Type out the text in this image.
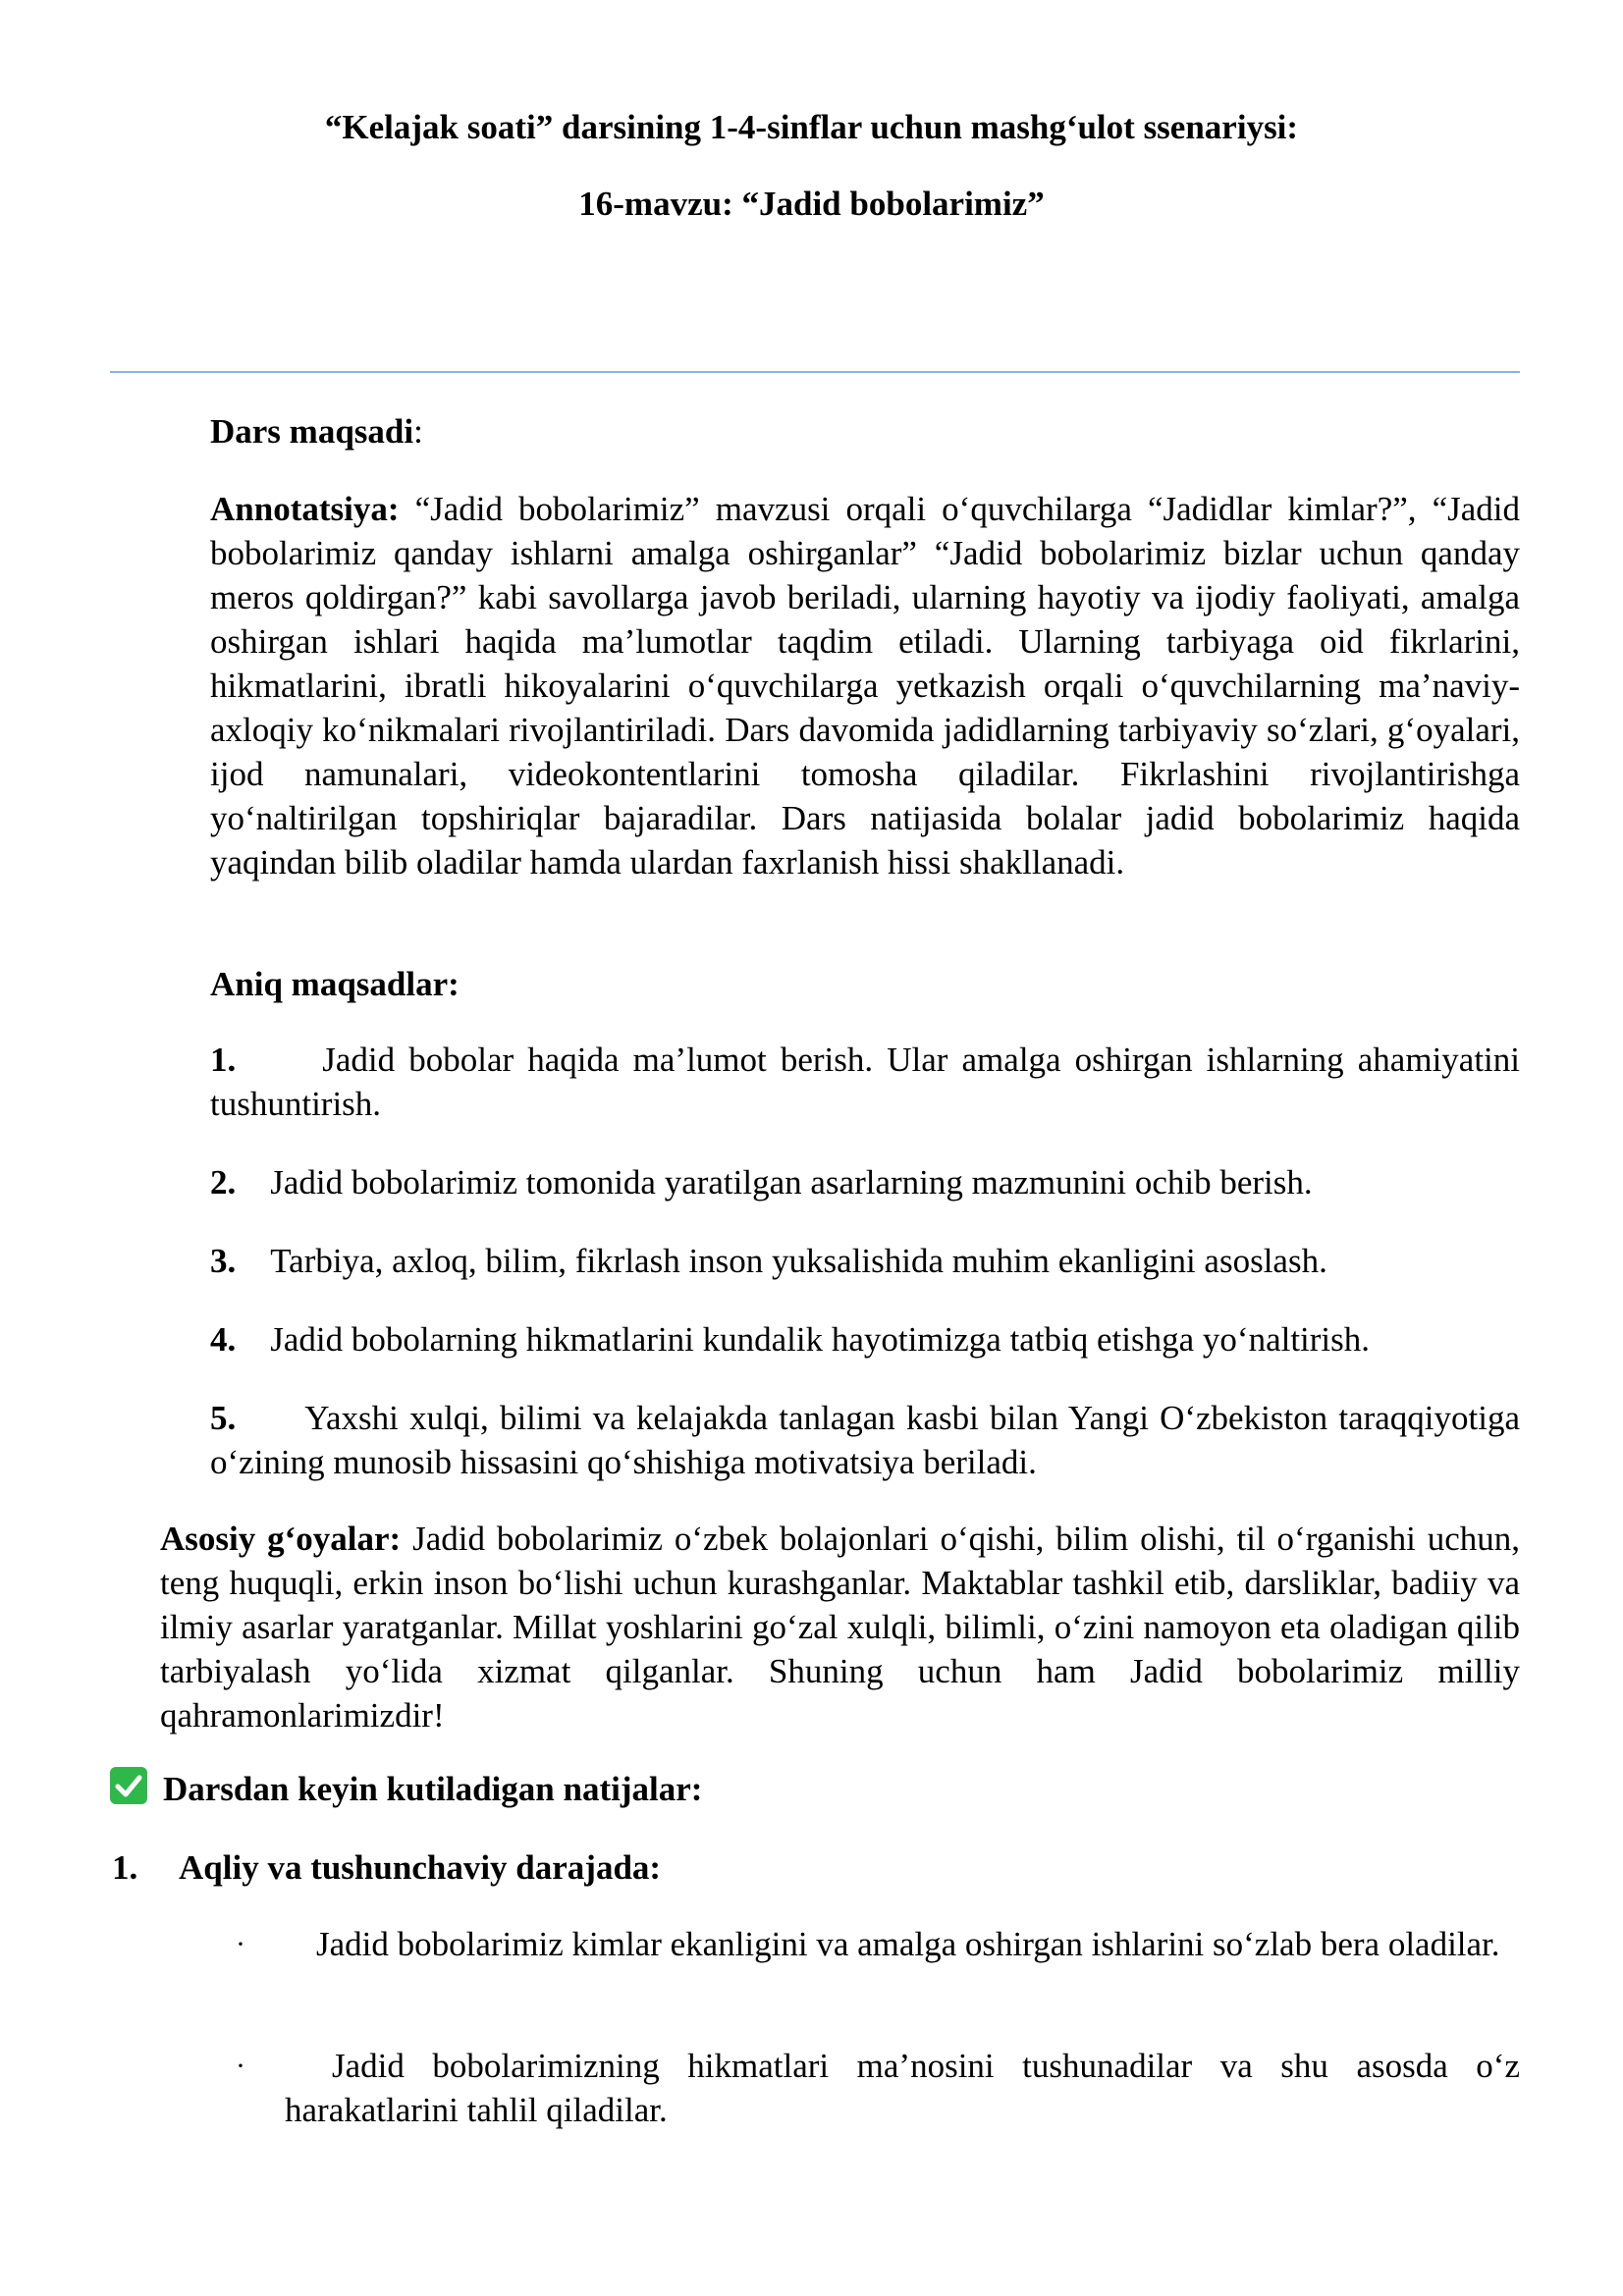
“Kelajak soati” darsining 1-4-sinflar uchun mashg‘ulot ssenariysi:
16-mavzu: “Jadid bobolarimiz”
Dars maqsadi:
Annotatsiya: “Jadid bobolarimiz” mavzusi orqali o‘quvchilarga “Jadidlar kimlar?”, “Jadid bobolarimiz qanday ishlarni amalga oshirganlar” “Jadid bobolarimiz bizlar uchun qanday meros qoldirgan?” kabi savollarga javob beriladi, ularning hayotiy va ijodiy faoliyati, amalga oshirgan ishlari haqida ma’lumotlar taqdim etiladi. Ularning tarbiyaga oid fikrlarini, hikmatlarini, ibratli hikoyalarini o‘quvchilarga yetkazish orqali o‘quvchilarning ma’naviy-axloqiy ko‘nikmalari rivojlantiriladi. Dars davomida jadidlarning tarbiyaviy so‘zlari, g‘oyalari, ijod namunalari, videokontentlarini tomosha qiladilar. Fikrlashini rivojlantirishga yo‘naltirilgan topshiriqlar bajaradilar. Dars natijasida bolalar jadid bobolarimiz haqida yaqindan bilib oladilar hamda ulardan faxrlanish hissi shakllanadi.
Aniq maqsadlar:
1.	Jadid bobolar haqida ma’lumot berish. Ular amalga oshirgan ishlarning ahamiyatini tushuntirish.
2. Jadid bobolarimiz tomonida yaratilgan asarlarning mazmunini ochib berish.
3. Tarbiya, axloq, bilim, fikrlash inson yuksalishida muhim ekanligini asoslash.
4. Jadid bobolarning hikmatlarini kundalik hayotimizga tatbiq etishga yo‘naltirish.
5. Yaxshi xulqi, bilimi va kelajakda tanlagan kasbi bilan Yangi O‘zbekiston taraqqiyotiga o‘zining munosib hissasini qo‘shishiga motivatsiya beriladi.
Asosiy g‘oyalar: Jadid bobolarimiz o‘zbek bolajonlari o‘qishi, bilim olishi, til o‘rganishi uchun, teng huquqli, erkin inson bo‘lishi uchun kurashganlar. Maktablar tashkil etib, darsliklar, badiiy va ilmiy asarlar yaratganlar. Millat yoshlarini go‘zal xulqli, bilimli, o‘zini namoyon eta oladigan qilib tarbiyalash yo‘lida xizmat qilganlar. Shuning uchun ham Jadid bobolarimiz milliy qahramonlarimizdir!
Darsdan keyin kutiladigan natijalar:
1. Aqliy va tushunchaviy darajada:
·	Jadid bobolarimiz kimlar ekanligini va amalga oshirgan ishlarini so‘zlab bera oladilar.
·	Jadid bobolarimizning hikmatlari ma’nosini tushunadilar va shu asosda o‘z harakatlarini tahlil qiladilar.
